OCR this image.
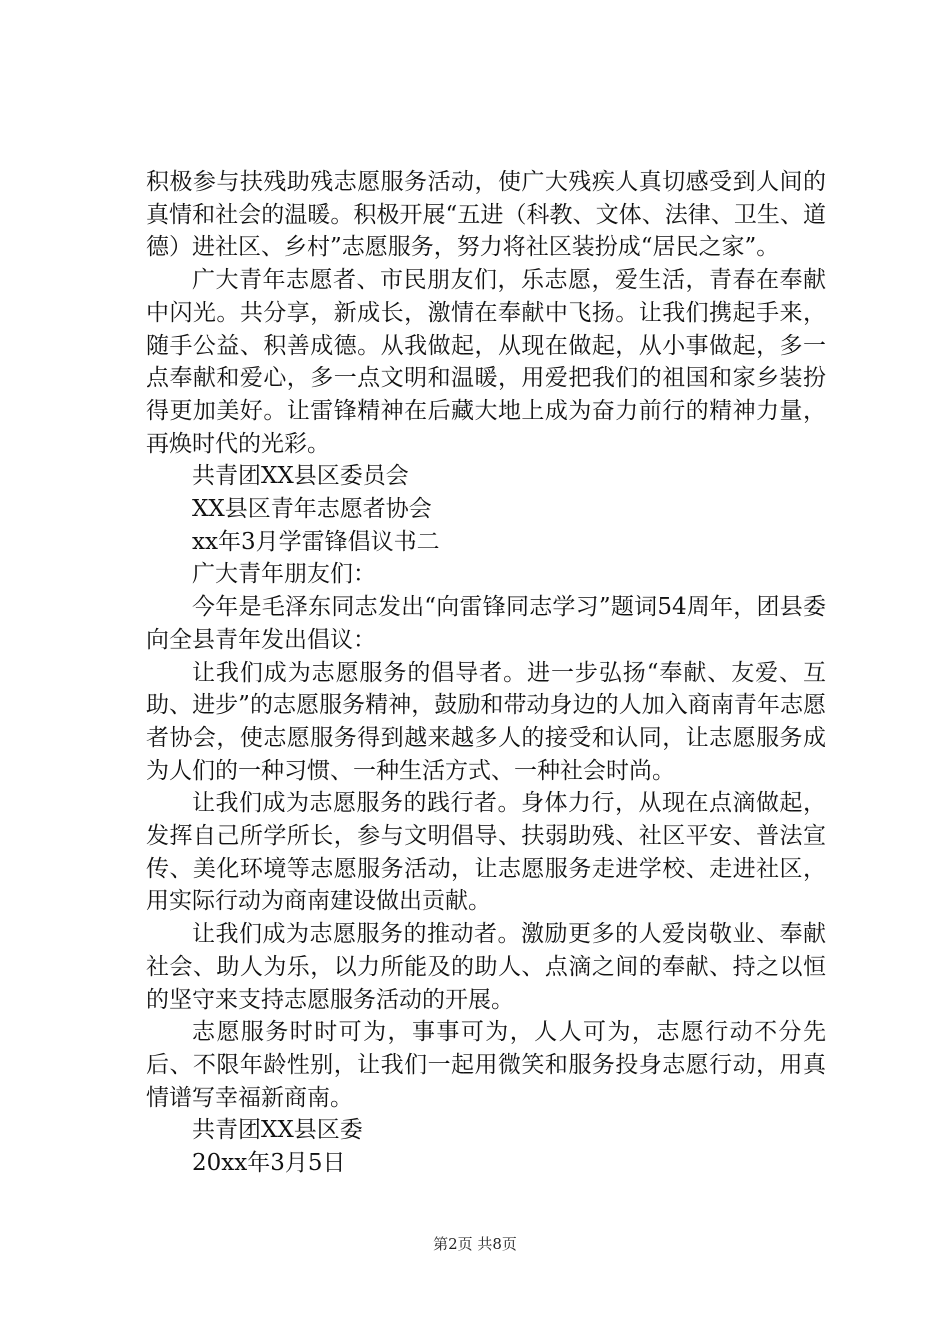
积极参与扶残助残志愿服务活动，使广大残疾人真切感受到人间的真情和社会的温暖。积极开展“五进（科教、文体、法律、卫生、道德）进社区、乡村”志愿服务，努力将社区装扮成“居民之家”。

广大青年志愿者、市民朋友们，乐志愿，爱生活，青春在奉献中闪光。共分享，新成长，激情在奉献中飞扬。让我们携起手来，随手公益、积善成德。从我做起，从现在做起，从小事做起，多一点奉献和爱心，多一点文明和温暖，用爱把我们的祖国和家乡装扮得更加美好。让雷锋精神在后藏大地上成为奋力前行的精神力量，再焕时代的光彩。

共青团XX县区委员会

XX县区青年志愿者协会

xx年3月学雷锋倡议书二

广大青年朋友们：

今年是毛泽东同志发出“向雷锋同志学习”题词54周年，团县委向全县青年发出倡议：

让我们成为志愿服务的倡导者。进一步弘扬“奉献、友爱、互助、进步”的志愿服务精神，鼓励和带动身边的人加入商南青年志愿者协会，使志愿服务得到越来越多人的接受和认同，让志愿服务成为人们的一种习惯、一种生活方式、一种社会时尚。

让我们成为志愿服务的践行者。身体力行，从现在点滴做起，发挥自己所学所长，参与文明倡导、扶弱助残、社区平安、普法宣传、美化环境等志愿服务活动，让志愿服务走进学校、走进社区，用实际行动为商南建设做出贡献。

让我们成为志愿服务的推动者。激励更多的人爱岗敬业、奉献社会、助人为乐，以力所能及的助人、点滴之间的奉献、持之以恒的坚守来支持志愿服务活动的开展。

志愿服务时时可为，事事可为，人人可为，志愿行动不分先后、不限年龄性别，让我们一起用微笑和服务投身志愿行动，用真情谱写幸福新商南。

共青团XX县区委

20xx年3月5日

第2页 共8页
